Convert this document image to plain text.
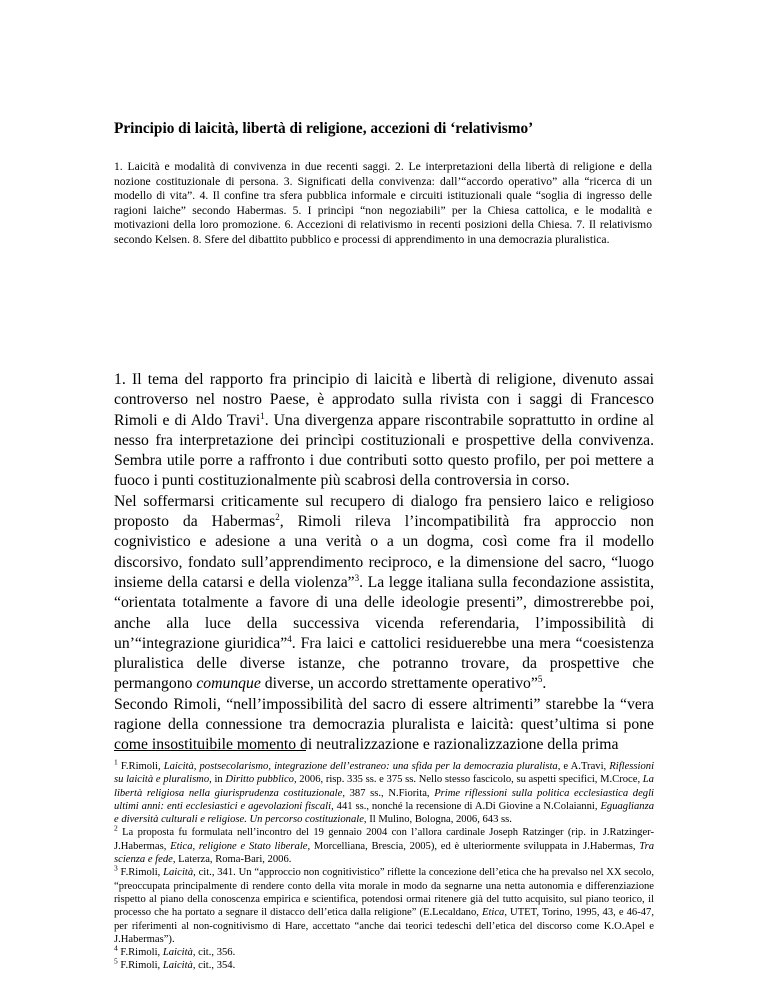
Principio di laicità, libertà di religione, accezioni di ‘relativismo’

1. Laicità e modalità di convivenza in due recenti saggi. 2. Le interpretazioni della libertà di religione e della nozione costituzionale di persona. 3. Significati della convivenza: dall’“accordo operativo” alla “ricerca di un modello di vita”. 4. Il confine tra sfera pubblica informale e circuiti istituzionali quale “soglia di ingresso delle ragioni laiche” secondo Habermas. 5. I princìpi “non negoziabili” per la Chiesa cattolica, e le modalità e motivazioni della loro promozione. 6. Accezioni di relativismo in recenti posizioni della Chiesa. 7. Il relativismo secondo Kelsen. 8. Sfere del dibattito pubblico e processi di apprendimento in una democrazia pluralistica.

1. Il tema del rapporto fra principio di laicità e libertà di religione, divenuto assai controverso nel nostro Paese, è approdato sulla rivista con i saggi di Francesco Rimoli e di Aldo Travi$^1$. Una divergenza appare riscontrabile soprattutto in ordine al nesso fra interpretazione dei princìpi costituzionali e prospettive della convivenza. Sembra utile porre a raffronto i due contributi sotto questo profilo, per poi mettere a fuoco i punti costituzionalmente più scabrosi della controversia in corso.
Nel soffermarsi criticamente sul recupero di dialogo fra pensiero laico e religioso proposto da Habermas$^2$, Rimoli rileva l’incompatibilità fra approccio non cognivistico e adesione a una verità o a un dogma, così come fra il modello discorsivo, fondato sull’apprendimento reciproco, e la dimensione del sacro, “luogo insieme della catarsi e della violenza”$^3$. La legge italiana sulla fecondazione assistita, “orientata totalmente a favore di una delle ideologie presenti”, dimostrerebbe poi, anche alla luce della successiva vicenda referendaria, l’impossibilità di un’“integrazione giuridica”$^4$. Fra laici e cattolici residuerebbe una mera “coesistenza pluralistica delle diverse istanze, che potranno trovare, da prospettive che permangono comunque diverse, un accordo strettamente operativo”$^5$.
Secondo Rimoli, “nell’impossibilità del sacro di essere altrimenti” starebbe la “vera ragione della connessione tra democrazia pluralista e laicità: quest’ultima si pone come insostituibile momento di neutralizzazione e razionalizzazione della prima

$^1$ F.Rimoli, Laicità, postsecolarismo, integrazione dell’estraneo: una sfida per la democrazia pluralista, e A.Travi, Riflessioni su laicità e pluralismo, in Diritto pubblico, 2006, risp. 335 ss. e 375 ss. Nello stesso fascicolo, su aspetti specifici, M.Croce, La libertà religiosa nella giurisprudenza costituzionale, 387 ss., N.Fiorita, Prime riflessioni sulla politica ecclesiastica degli ultimi anni: enti ecclesiastici e agevolazioni fiscali, 441 ss., nonché la recensione di A.Di Giovine a N.Colaianni, Eguaglianza e diversità culturali e religiose. Un percorso costituzionale, Il Mulino, Bologna, 2006, 643 ss.

$^2$ La proposta fu formulata nell’incontro del 19 gennaio 2004 con l’allora cardinale Joseph Ratzinger (rip. in J.Ratzinger-J.Habermas, Etica, religione e Stato liberale, Morcelliana, Brescia, 2005), ed è ulteriormente sviluppata in J.Habermas, Tra scienza e fede, Laterza, Roma-Bari, 2006.

$^3$ F.Rimoli, Laicità, cit., 341. Un “approccio non cognitivistico” riflette la concezione dell’etica che ha prevalso nel XX secolo, “preoccupata principalmente di rendere conto della vita morale in modo da segnarne una netta autonomia e differenziazione rispetto al piano della conoscenza empirica e scientifica, potendosi ormai ritenere già del tutto acquisito, sul piano teorico, il processo che ha portato a segnare il distacco dell’etica dalla religione” (E.Lecaldano, Etica, UTET, Torino, 1995, 43, e 46-47, per riferimenti al non-cognitivismo di Hare, accettato “anche dai teorici tedeschi dell’etica del discorso come K.O.Apel e J.Habermas”).

$^4$ F.Rimoli, Laicità, cit., 356.

$^5$ F.Rimoli, Laicità, cit., 354.
